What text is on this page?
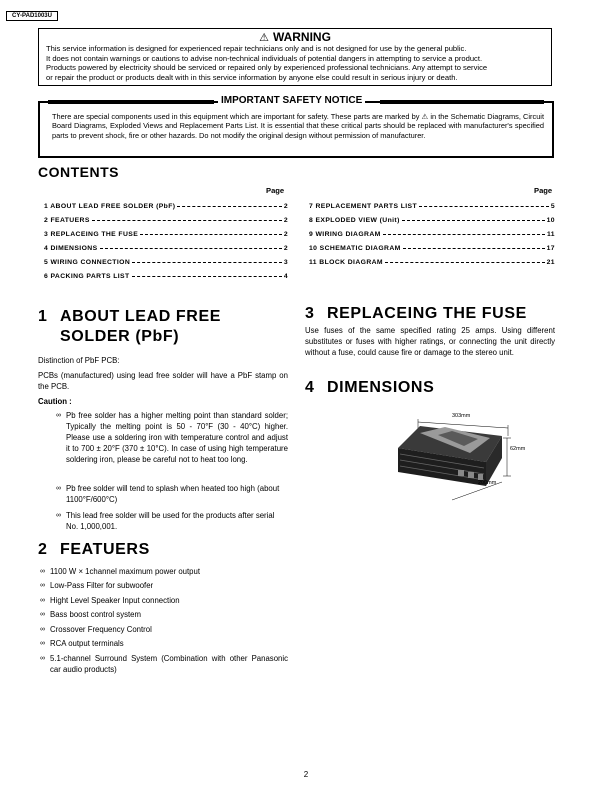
CY-PAD1003U
⚠ WARNING
This service information is designed for experienced repair technicians only and is not designed for use by the general public.
It does not contain warnings or cautions to advise non-technical individuals of potential dangers in attempting to service a product.
Products powered by electricity should be serviced or repaired only by experienced professional technicians. Any attempt to service
or repair the product or products dealt with in this service information by anyone else could result in serious injury or death.
IMPORTANT SAFETY NOTICE
There are special components used in this equipment which are important for safety. These parts are marked by ⚠ in the Schematic Diagrams, Circuit Board Diagrams, Exploded Views and Replacement Parts List. It is essential that these critical parts should be replaced with manufacturer's specified parts to prevent shock, fire or other hazards. Do not modify the original design without permission of manufacturer.
CONTENTS
Page	Page
1 ABOUT LEAD FREE SOLDER (PbF)	2
2 FEATUERS	2
3 REPLACEING THE FUSE	2
4 DIMENSIONS	2
5 WIRING CONNECTION	3
6 PACKING PARTS LIST	4
7 REPLACEMENT PARTS LIST	5
8 EXPLODED VIEW (Unit)	10
9 WIRING DIAGRAM	11
10 SCHEMATIC DIAGRAM	17
11 BLOCK DIAGRAM	21
1 ABOUT LEAD FREE
SOLDER (PbF)
Distinction of PbF PCB:
PCBs (manufactured) using lead free solder will have a PbF stamp on the PCB.
Caution :
∞ Pb free solder has a higher melting point than standard solder; Typically the melting point is 50 - 70°F (30 - 40°C) higher. Please use a soldering iron with temperature control and adjust it to 700 ± 20°F (370 ± 10°C). In case of using high temperature soldering iron, please be careful not to heat too long.
∞ Pb free solder will tend to splash when heated too high (about 1100°F/600°C)
∞ This lead free solder will be used for the products after serial No. 1,000,001.
2 FEATUERS
∞ 1100 W × 1channel maximum power output
∞ Low-Pass Filter for subwoofer
∞ Hight Level Speaker Input connection
∞ Bass boost control system
∞ Crossover Frequency Control
∞ RCA output terminals
∞ 5.1-channel Surround System (Combination with other Panasonic car audio products)
3 REPLACEING THE FUSE
Use fuses of the same specified rating 25 amps. Using different substitutes or fuses with higher ratings, or connecting the unit directly without a fuse, could cause fire or damage to the stereo unit.
4 DIMENSIONS
303mm
62mm
200mm
2
